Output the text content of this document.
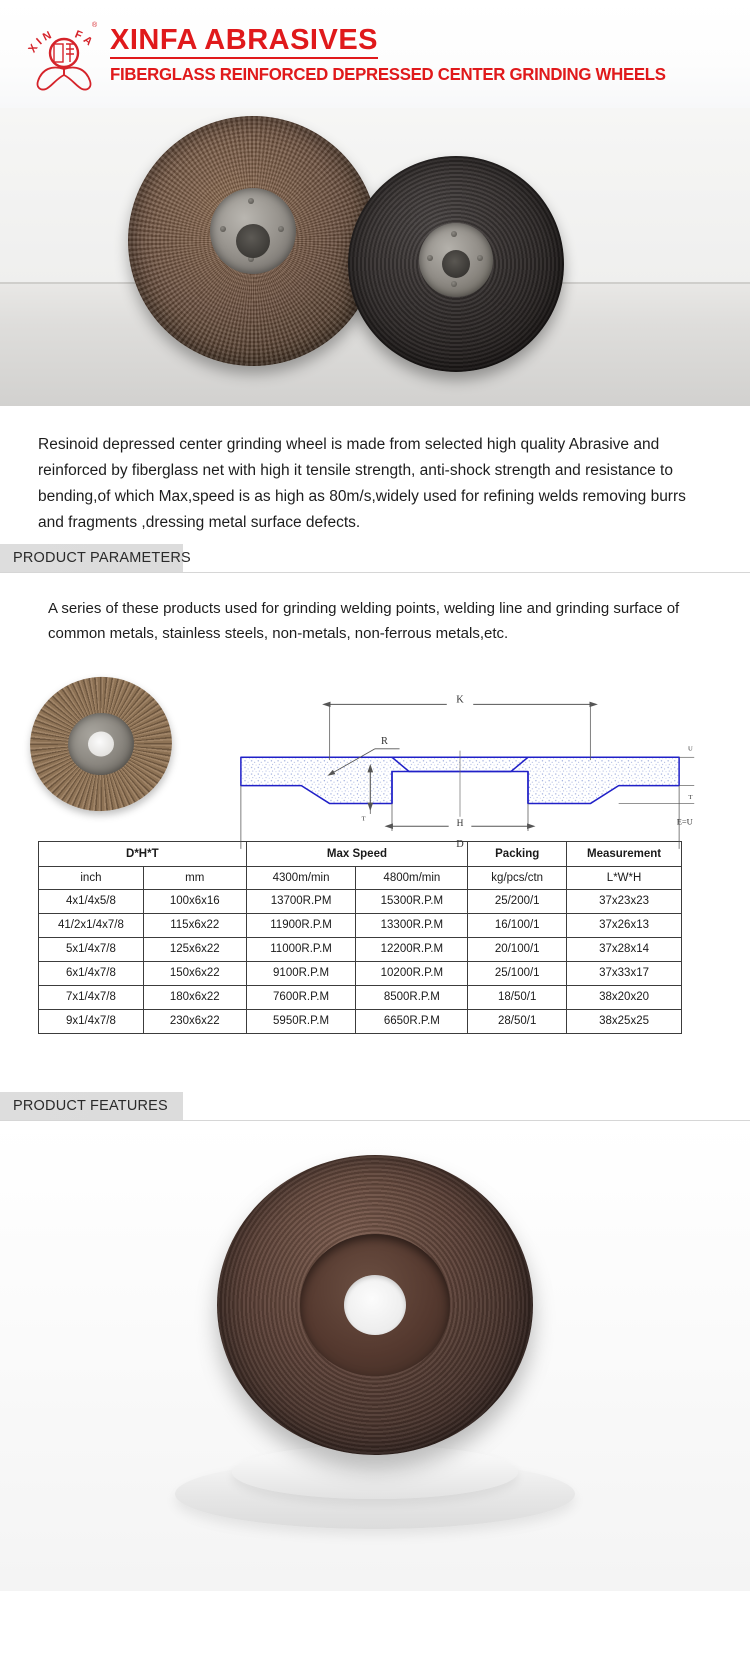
X I N F A
® XINFA ABRASIVES
FIBERGLASS REINFORCED DEPRESSED CENTER GRINDING WHEELS
Resinoid depressed center grinding wheel is made from selected high quality Abrasive and reinforced by fiberglass net with high it tensile strength, anti-shock strength and resistance to bending,of which Max,speed is as high as 80m/s,widely used for refining welds removing burrs and fragments ,dressing metal surface defects.
PRODUCT PARAMETERS
A series of these products used for grinding welding points, welding line and grinding surface of common metals, stainless steels, non-metals, non-ferrous metals,etc.
K
R
T
H
D
U
T
E=U
D*H*T		Max Speed		Packing	Measurement
inch	mm	4300m/min	4800m/min	kg/pcs/ctn	L*W*H
4x1/4x5/8	100x6x16	13700R.PM	15300R.P.M	25/200/1	37x23x23
41/2x1/4x7/8	115x6x22	11900R.P.M	13300R.P.M	16/100/1	37x26x13
5x1/4x7/8	125x6x22	11000R.P.M	12200R.P.M	20/100/1	37x28x14
6x1/4x7/8	150x6x22	9100R.P.M	10200R.P.M	25/100/1	37x33x17
7x1/4x7/8	180x6x22	7600R.P.M	8500R.P.M	18/50/1	38x20x20
9x1/4x7/8	230x6x22	5950R.P.M	6650R.P.M	28/50/1	38x25x25
PRODUCT FEATURES
